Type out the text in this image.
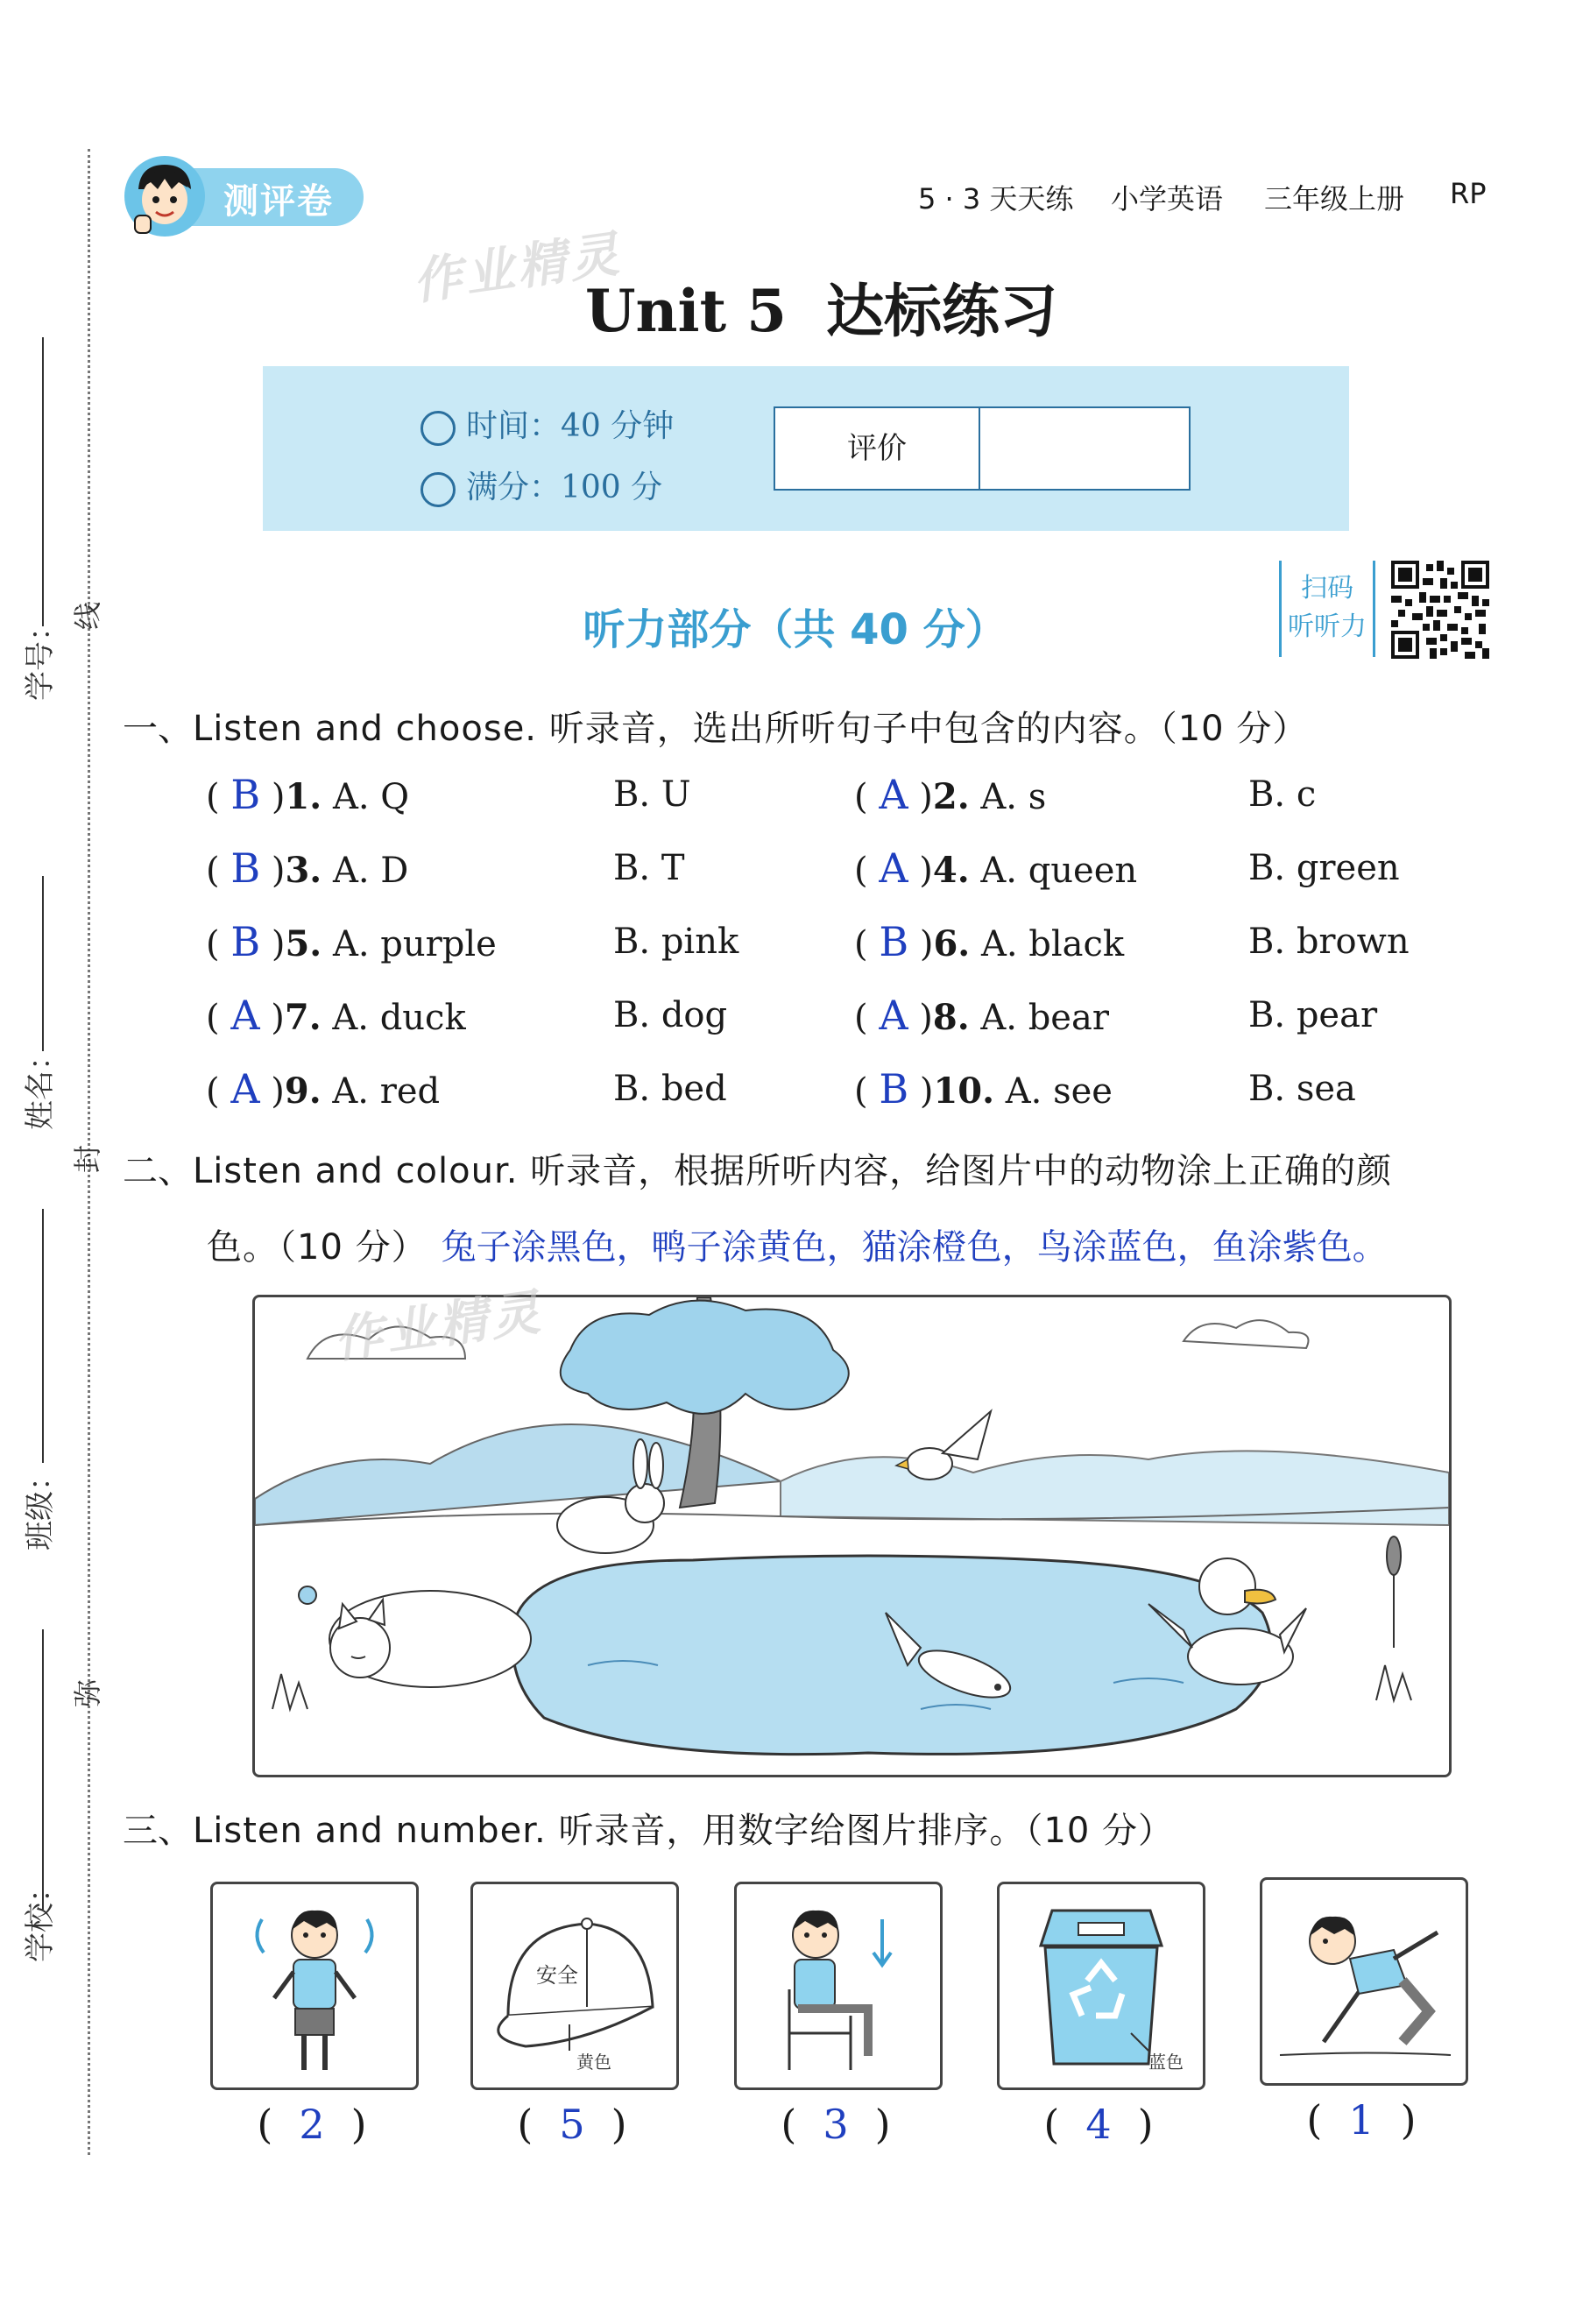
学号：
姓名：
班级：
学校：
线
封
弥
测评卷	5 · 3 天天练 小学英语 三年级上册 RP
作业精灵
Unit 5 达标练习
时间：40 分钟
满分：100 分
评价
听力部分（共 40 分）
扫码
听听力
一、Listen and choose. 听录音，选出所听句子中包含的内容。（10 分）
( B )1. A. Q	B. U	( A )2. A. s	B. c
( B )3. A. D	B. T	( A )4. A. queen	B. green
( B )5. A. purple	B. pink	( B )6. A. black	B. brown
( A )7. A. duck	B. dog	( A )8. A. bear	B. pear
( A )9. A. red	B. bed	( B )10. A. see	B. sea
二、Listen and colour. 听录音，根据所听内容，给图片中的动物涂上正确的颜
色。（10 分） 兔子涂黑色，鸭子涂黄色，猫涂橙色，鸟涂蓝色，鱼涂紫色。
作业精灵
三、Listen and number. 听录音，用数字给图片排序。（10 分）
( 2 )
安全
黄色
( 5 )	( 3 )
蓝色
( 4 )	( 1 )
